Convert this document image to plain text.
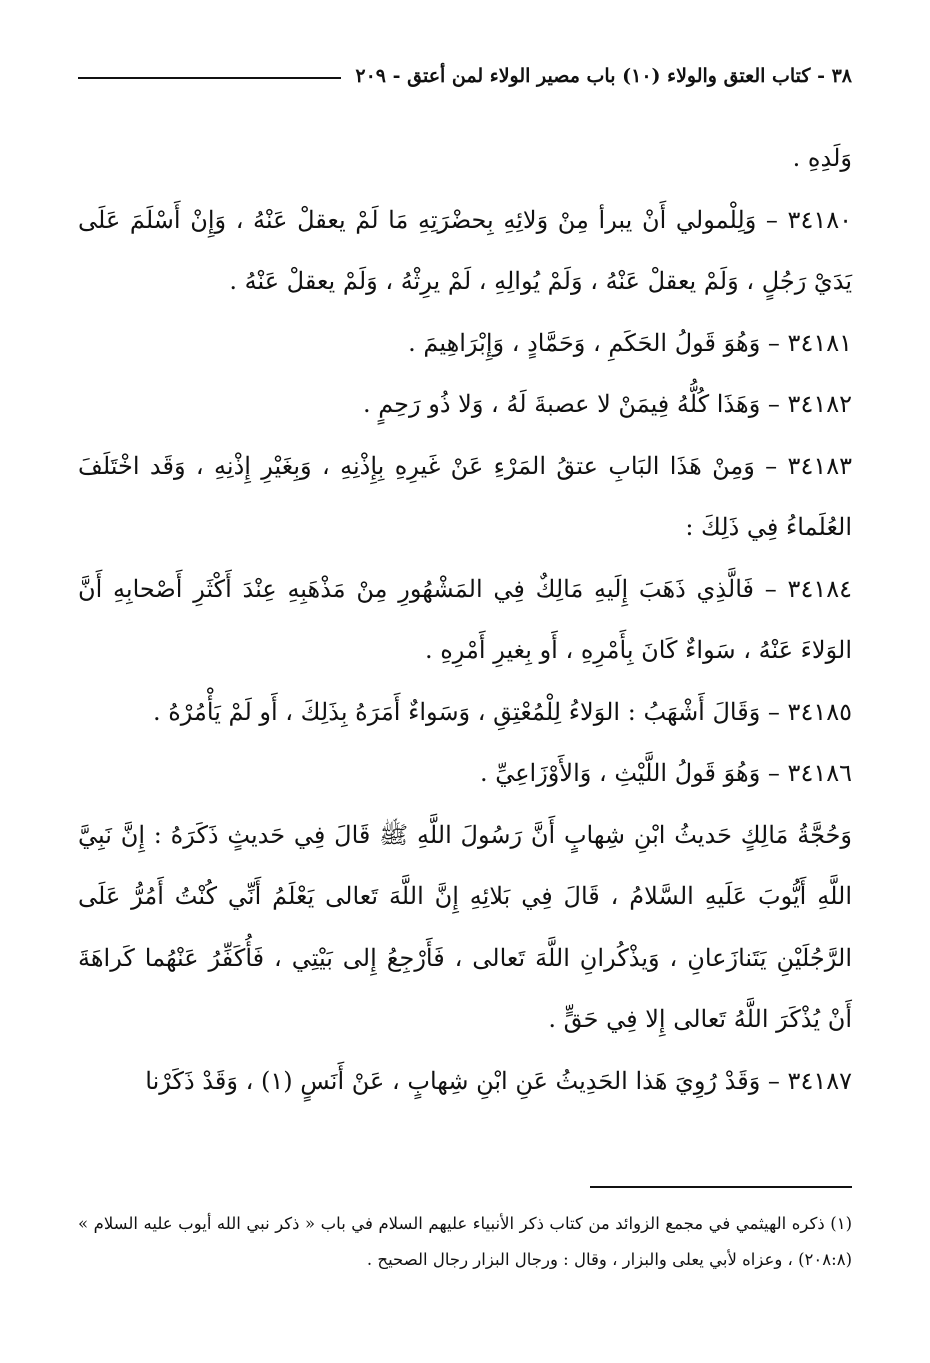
٣٨ - كتاب العتق والولاء (١٠) باب مصير الولاء لمن أعتق - ٢٠٩

وَلَدِهِ .

٣٤١٨٠ – وَلِلْمولي أَنْ يبرأ مِنْ وَلائِهِ بِحضْرَتِهِ مَا لَمْ يعقلْ عَنْهُ ، وَإِنْ أَسْلَمَ عَلَى يَدَيْ رَجُلٍ ، وَلَمْ يعقلْ عَنْهُ ، وَلَمْ يُوالِهِ ، لَمْ يرِثْهُ ، وَلَمْ يعقلْ عَنْهُ .

٣٤١٨١ – وَهُوَ قَولُ الحَكَمِ ، وَحَمَّادٍ ، وَإِبْرَاهِيمَ .

٣٤١٨٢ – وَهَذَا كُلُّهُ فِيمَنْ لا عصبةَ لَهُ ، وَلا ذُو رَحِمٍ .

٣٤١٨٣ – وَمِنْ هَذَا البَابِ عتقُ المَرْءِ عَنْ غَيرِهِ بِإِذْنِهِ ، وَبِغَيْرِ إِذْنِهِ ، وَقَد اخْتَلَفَ العُلَماءُ فِي ذَلِكَ :

٣٤١٨٤ – فَالَّذِي ذَهَبَ إِلَيهِ مَالِكٌ فِي المَشْهُورِ مِنْ مَذْهَبِهِ عِنْدَ أَكْثَرِ أَصْحابِهِ أَنَّ الوَلاءَ عَنْهُ ، سَواءٌ كَانَ بِأَمْرِهِ ، أَو بِغيرِ أَمْرِهِ .

٣٤١٨٥ – وَقَالَ أَشْهَبُ : الوَلاءُ لِلْمُعْتِقِ ، وَسَواءٌ أَمَرَهُ بِذَلِكَ ، أَو لَمْ يَأْمُرْهُ .

٣٤١٨٦ – وَهُوَ قَولُ اللَّيْثِ ، وَالأَوْزَاعِيِّ .

وَحُجَّةُ مَالِكٍ حَديثُ ابْنِ شِهابٍ أَنَّ رَسُولَ اللَّهِ ﷺ قَالَ فِي حَديثٍ ذَكَرَهُ : إِنَّ نَبِيَّ اللَّهِ أَيُّوبَ عَلَيهِ السَّلامُ ، قَالَ فِي بَلائِهِ إِنَّ اللَّهَ تَعالى يَعْلَمُ أَنِّي كُنْتُ أَمُرُّ عَلَى الرَّجُلَيْنِ يَتَنازَعانِ ، وَيذْكُرانِ اللَّهَ تَعالى ، فَأَرْجِعُ إِلى بَيْتِي ، فَأُكَفِّرُ عَنْهُما كَراهَةَ أَنْ يُذْكَرَ اللَّهُ تَعالى إِلا فِي حَقٍّ .

٣٤١٨٧ – وَقَدْ رُوِيَ هَذا الحَدِيثُ عَنِ ابْنِ شِهابٍ ، عَنْ أَنَسٍ (١) ، وَقَدْ ذَكَرْنا

(١) ذكره الهيثمي في مجمع الزوائد من كتاب ذكر الأنبياء عليهم السلام في باب « ذكر نبي الله أيوب عليه السلام » (٢٠٨:٨) ، وعزاه لأبي يعلى والبزار ، وقال : ورجال البزار رجال الصحيح .
